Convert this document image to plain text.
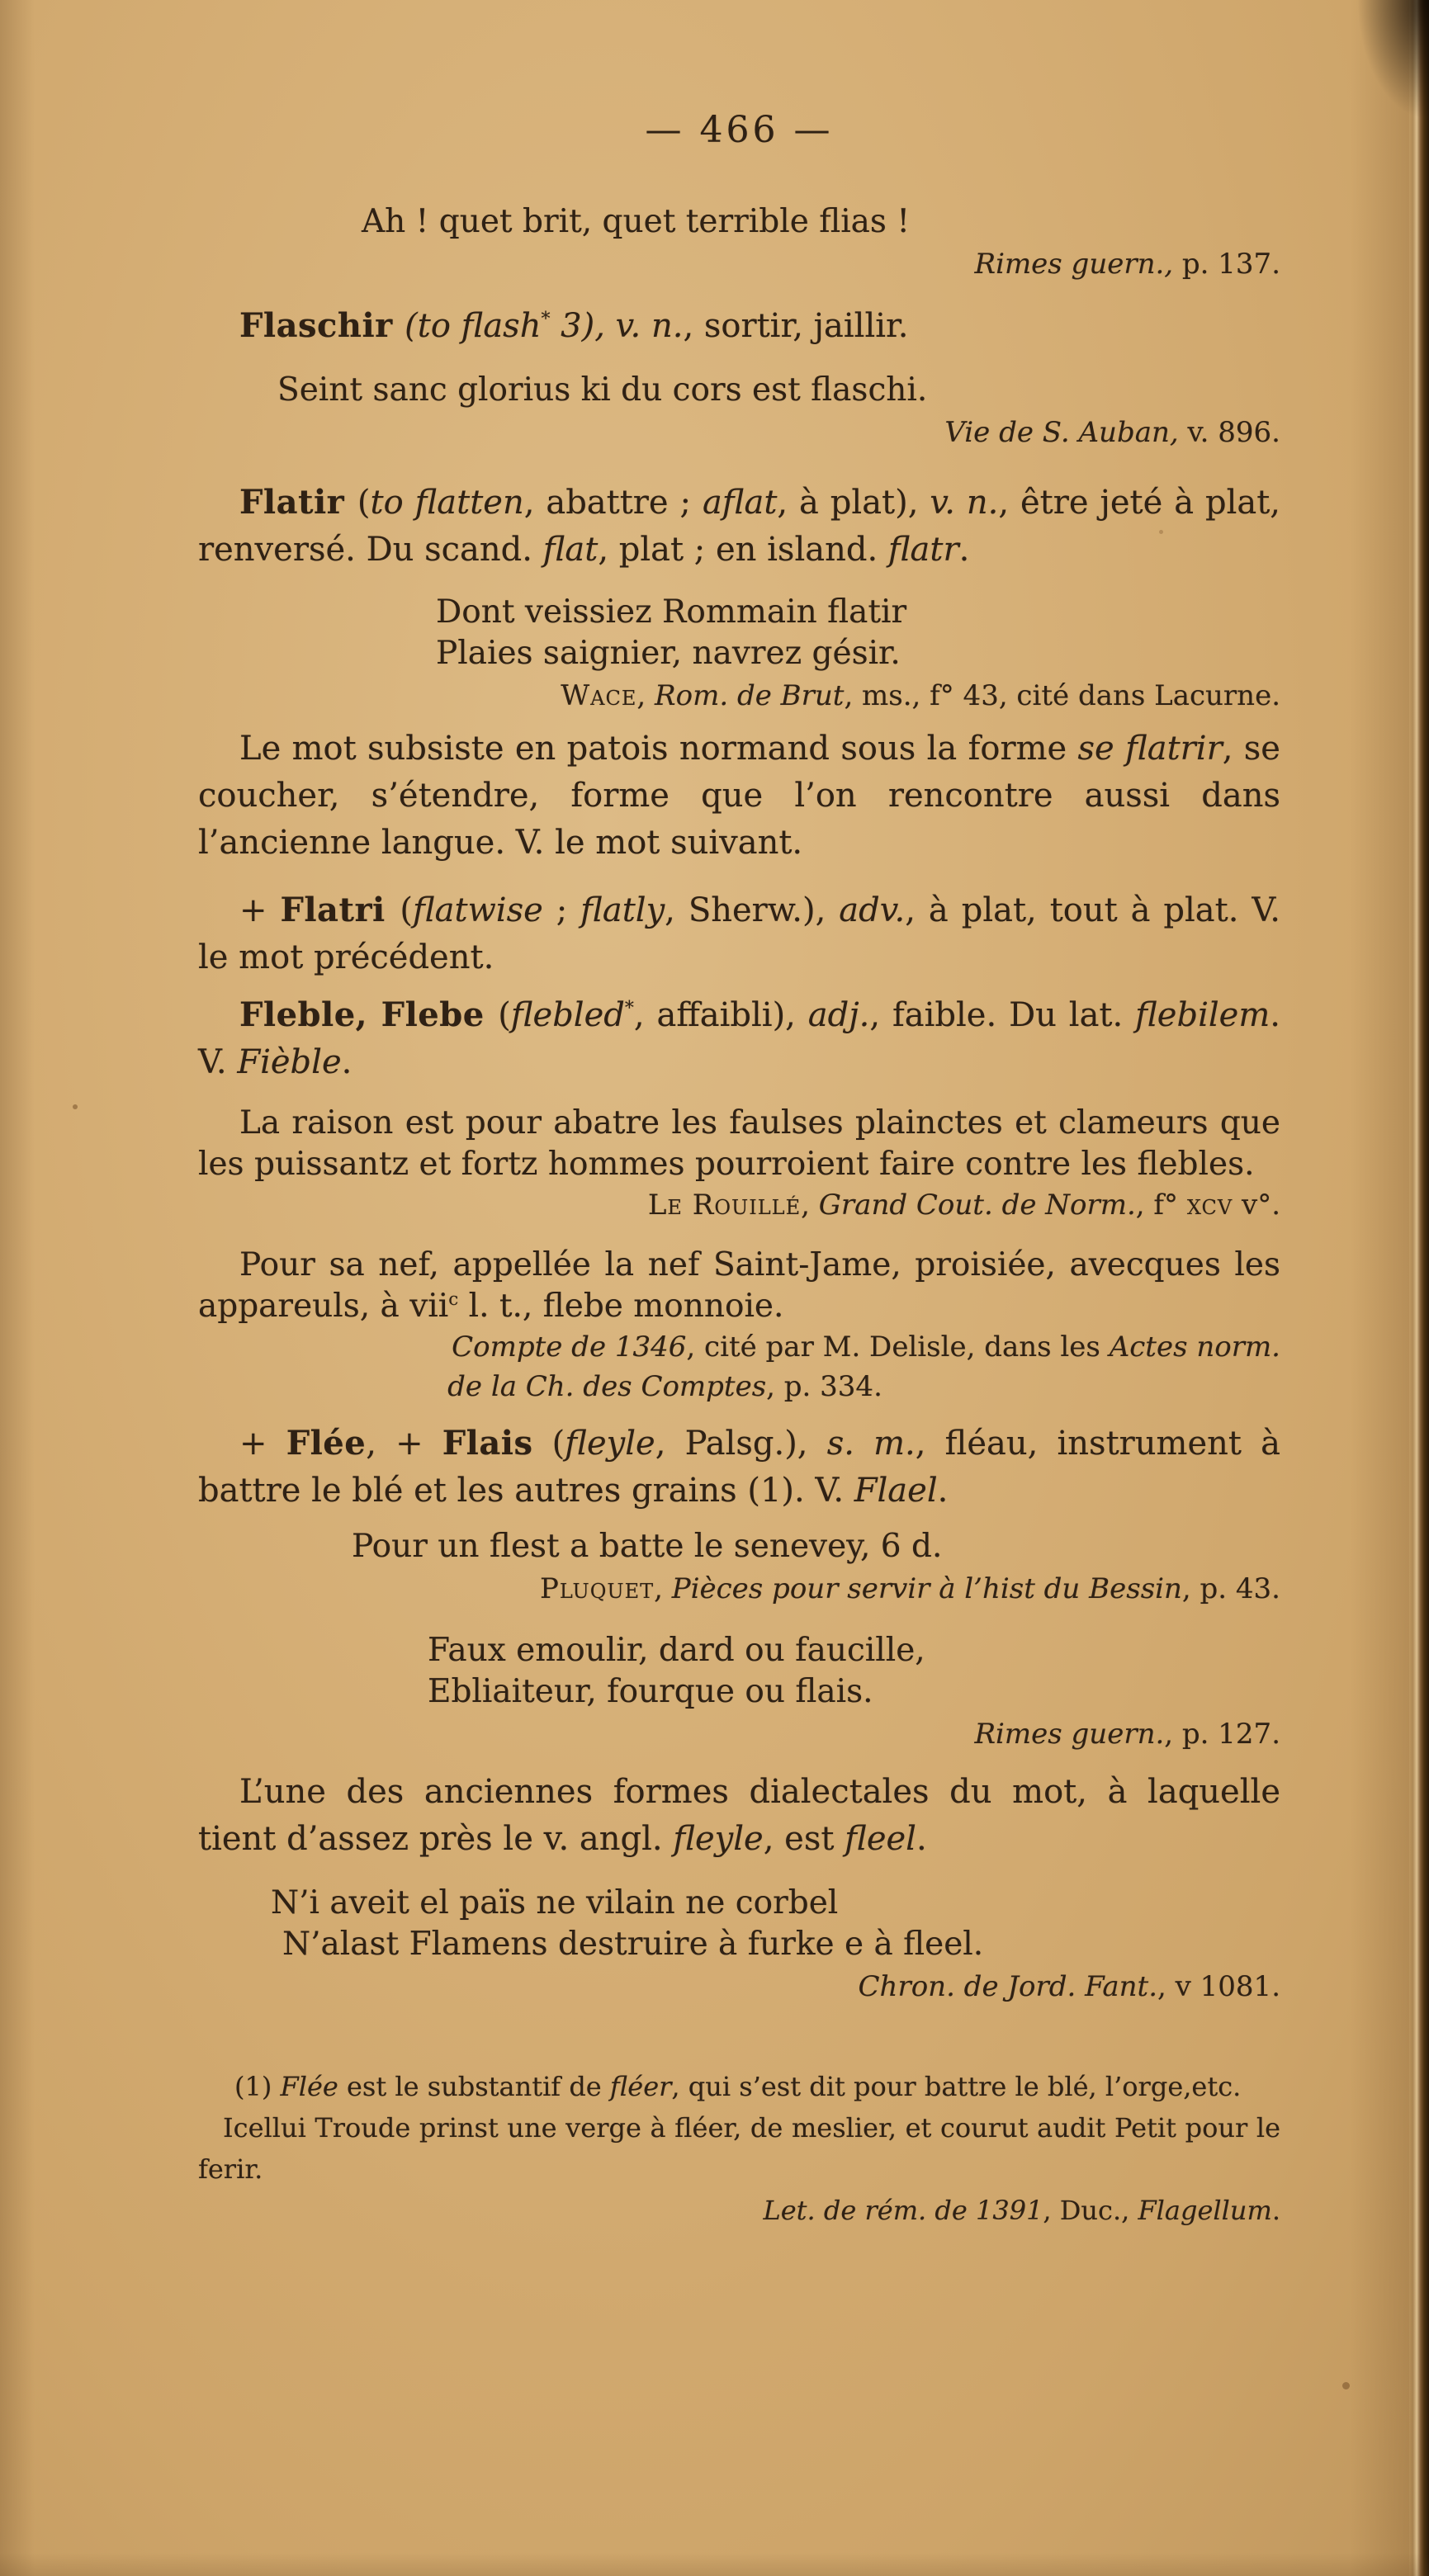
— 466 —
Ah ! quet brit, quet terrible flias !
Rimes guern., p. 137.

Flaschir (to flash* 3), v. n., sortir, jaillir.

Seint sanc glorius ki du cors est flaschi.
Vie de S. Auban, v. 896.

Flatir (to flatten, abattre ; aflat, à plat), v. n., être jeté à plat, renversé. Du scand. flat, plat ; en island. flatr.

Dont veissiez Rommain flatir
Plaies saignier, navrez gésir.
Wace, Rom. de Brut, ms., f° 43, cité dans Lacurne.

Le mot subsiste en patois normand sous la forme se flatrir, se coucher, s’étendre, forme que l’on rencontre aussi dans l’ancienne langue. V. le mot suivant.

+ Flatri (flatwise ; flatly, Sherw.), adv., à plat, tout à plat. V. le mot précédent.

Fleble, Flebe (flebled*, affaibli), adj., faible. Du lat. flebilem. V. Fièble.

La raison est pour abatre les faulses plainctes et clameurs que les puissantz et fortz hommes pourroient faire contre les flebles.
Le Rouillé, Grand Cout. de Norm., f° xcv v°.
Pour sa nef, appellée la nef Saint-Jame, proisiée, avecques les appareuls, à vii$^c$ l. t., flebe monnoie.
Compte de 1346, cité par M. Delisle, dans les Actes norm.
de la Ch. des Comptes, p. 334.

+ Flée, + Flais (fleyle, Palsg.), s. m., fléau, instrument à battre le blé et les autres grains (1). V. Flael.

Pour un flest a batte le senevey, 6 d.
Pluquet, Pièces pour servir à l’hist du Bessin, p. 43.
Faux emoulir, dard ou faucille,
Ebliaiteur, fourque ou flais.
Rimes guern., p. 127.

L’une des anciennes formes dialectales du mot, à laquelle tient d’assez près le v. angl. fleyle, est fleel.

N’i aveit el païs ne vilain ne corbel
N’alast Flamens destruire à furke e à fleel.
Chron. de Jord. Fant., v 1081.

(1) Flée est le substantif de fléer, qui s’est dit pour battre le blé, l’orge,etc.

Icellui Troude prinst une verge à fléer, de meslier, et courut audit Petit pour le ferir.

Let. de rém. de 1391, Duc., Flagellum.
